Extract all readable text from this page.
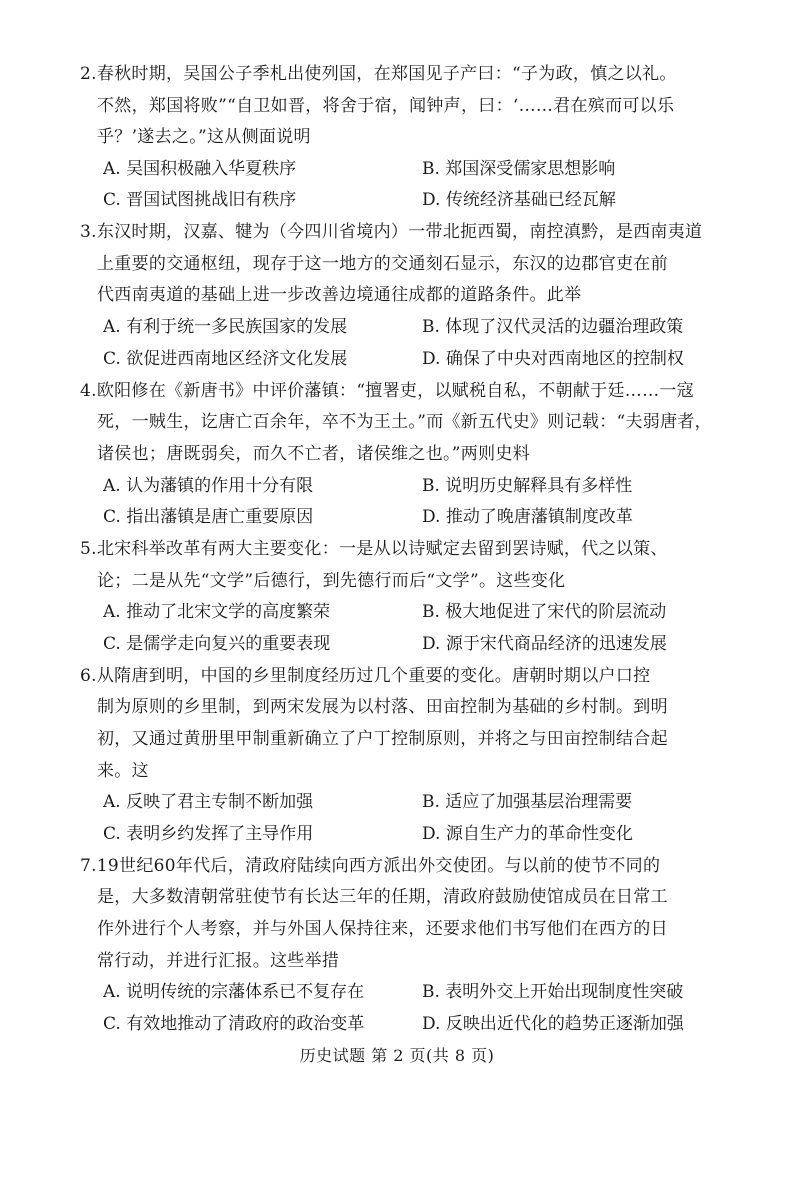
2.春秋时期，吴国公子季札出使列国，在郑国见子产曰：“子为政，慎之以礼。
不然，郑国将败”“自卫如晋，将舍于宿，闻钟声，曰：‘……君在殡而可以乐
乎？’遂去之。”这从侧面说明
A. 吴国积极融入华夏秩序	B. 郑国深受儒家思想影响
C. 晋国试图挑战旧有秩序	D. 传统经济基础已经瓦解
3.东汉时期，汉嘉、犍为（今四川省境内）一带北扼西蜀，南控滇黔，是西南夷道
上重要的交通枢纽，现存于这一地方的交通刻石显示，东汉的边郡官吏在前
代西南夷道的基础上进一步改善边境通往成都的道路条件。此举
A. 有利于统一多民族国家的发展	B. 体现了汉代灵活的边疆治理政策
C. 欲促进西南地区经济文化发展	D. 确保了中央对西南地区的控制权
4.欧阳修在《新唐书》中评价藩镇：“擅署吏，以赋税自私，不朝献于廷……一寇
死，一贼生，讫唐亡百余年，卒不为王土。”而《新五代史》则记载：“夫弱唐者，
诸侯也；唐既弱矣，而久不亡者，诸侯维之也。”两则史料
A. 认为藩镇的作用十分有限	B. 说明历史解释具有多样性
C. 指出藩镇是唐亡重要原因	D. 推动了晚唐藩镇制度改革
5.北宋科举改革有两大主要变化：一是从以诗赋定去留到罢诗赋，代之以策、
论；二是从先“文学”后德行，到先德行而后“文学”。这些变化
A. 推动了北宋文学的高度繁荣	B. 极大地促进了宋代的阶层流动
C. 是儒学走向复兴的重要表现	D. 源于宋代商品经济的迅速发展
6.从隋唐到明，中国的乡里制度经历过几个重要的变化。唐朝时期以户口控
制为原则的乡里制，到两宋发展为以村落、田亩控制为基础的乡村制。到明
初，又通过黄册里甲制重新确立了户丁控制原则，并将之与田亩控制结合起
来。这
A. 反映了君主专制不断加强	B. 适应了加强基层治理需要
C. 表明乡约发挥了主导作用	D. 源自生产力的革命性变化
7.19世纪60年代后，清政府陆续向西方派出外交使团。与以前的使节不同的
是，大多数清朝常驻使节有长达三年的任期，清政府鼓励使馆成员在日常工
作外进行个人考察，并与外国人保持往来，还要求他们书写他们在西方的日
常行动，并进行汇报。这些举措
A. 说明传统的宗藩体系已不复存在	B. 表明外交上开始出现制度性突破
C. 有效地推动了清政府的政治变革	D. 反映出近代化的趋势正逐渐加强
历史试题 第 2 页(共 8 页)
